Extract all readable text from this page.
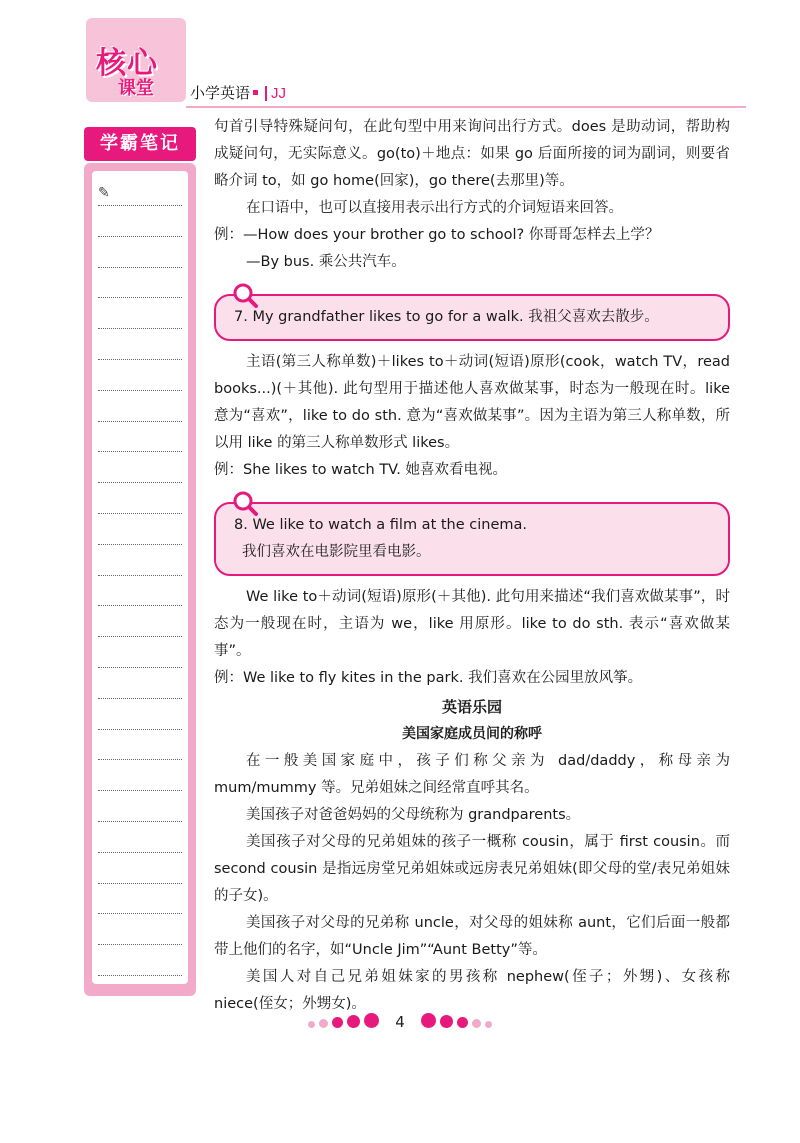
核心
课堂 小学英语 JJ
学霸笔记
✎

句首引导特殊疑问句，在此句型中用来询问出行方式。does 是助动词，帮助构成疑问句，无实际意义。go(to)＋地点：如果 go 后面所接的词为副词，则要省略介词 to，如 go home(回家)，go there(去那里)等。

在口语中，也可以直接用表示出行方式的介词短语来回答。

例：—How does your brother go to school? 你哥哥怎样去上学？

—By bus. 乘公共汽车。

7. My grandfather likes to go for a walk. 我祖父喜欢去散步。

主语(第三人称单数)＋likes to＋动词(短语)原形(cook，watch TV，read books...)(＋其他). 此句型用于描述他人喜欢做某事，时态为一般现在时。like 意为“喜欢”，like to do sth. 意为“喜欢做某事”。因为主语为第三人称单数，所以用 like 的第三人称单数形式 likes。

例：She likes to watch TV. 她喜欢看电视。

8. We like to watch a film at the cinema.
我们喜欢在电影院里看电影。

We like to＋动词(短语)原形(＋其他). 此句用来描述“我们喜欢做某事”，时态为一般现在时，主语为 we，like 用原形。like to do sth. 表示“喜欢做某事”。

例：We like to fly kites in the park. 我们喜欢在公园里放风筝。

英语乐园

美国家庭成员间的称呼

在一般美国家庭中，孩子们称父亲为 dad/daddy，称母亲为 mum/mummy 等。兄弟姐妹之间经常直呼其名。

美国孩子对爸爸妈妈的父母统称为 grandparents。

美国孩子对父母的兄弟姐妹的孩子一概称 cousin，属于 first cousin。而 second cousin 是指远房堂兄弟姐妹或远房表兄弟姐妹(即父母的堂/表兄弟姐妹的子女)。

美国孩子对父母的兄弟称 uncle，对父母的姐妹称 aunt，它们后面一般都带上他们的名字，如“Uncle Jim”“Aunt Betty”等。

美国人对自己兄弟姐妹家的男孩称 nephew(侄子；外甥)、女孩称 niece(侄女；外甥女)。

4
